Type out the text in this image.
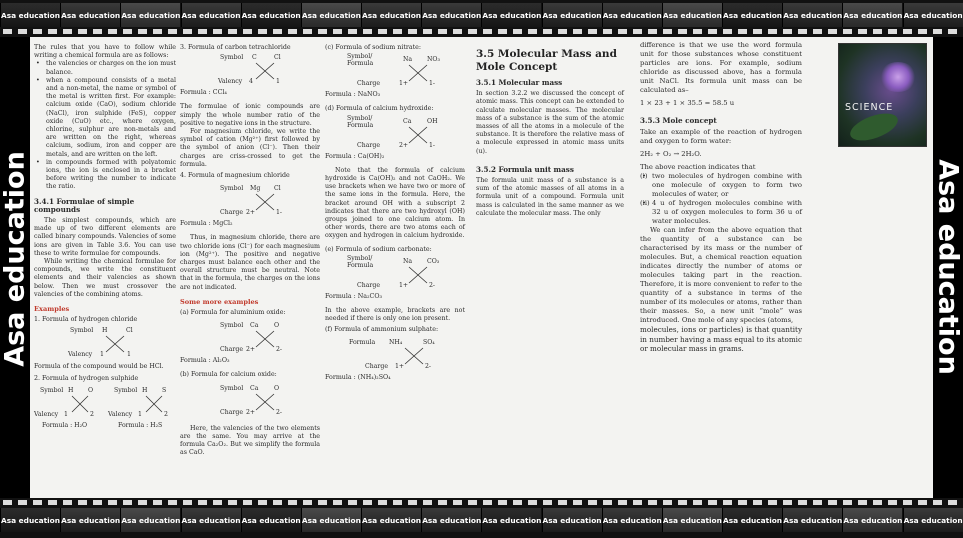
Asa education Asa education Asa education Asa education Asa education Asa education Asa education Asa education Asa education Asa education Asa education Asa education Asa education Asa education Asa education Asa education
Asa education	Asa education

The rules that you have to follow while writing a chemical formula are as follows:

• the valencies or charges on the ion must balance.
• when a compound consists of a metal and a non-metal, the name or symbol of the metal is written first. For example: calcium oxide (CaO), sodium chloride (NaCl), iron sulphide (FeS), copper oxide (CuO) etc., where oxygen, chlorine, sulphur are non-metals and are written on the right, whereas calcium, sodium, iron and copper are metals, and are written on the left.
• in compounds formed with polyatomic ions, the ion is enclosed in a bracket before writing the number to indicate the ratio.
3.4.1 Formulae of simple compounds

The simplest compounds, which are made up of two different elements are called binary compounds. Valencies of some ions are given in Table 3.6. You can use these to write formulae for compounds.

While writing the chemical formulae for compounds, we write the constituent elements and their valencies as shown below. Then we must crossover the valencies of the combining atoms.

Examples

1. Formula of hydrogen chloride

Symbol H	Cl
Valency 1	1

Formula of the compound would be HCl.

2. Formula of hydrogen sulphide

Symbol H O
Valency 1	2
Formula : H₂O
Symbol H S
Valency 1	2
Formula : H₂S

3. Formula of carbon tetrachloride

Symbol C	Cl
Valency 4	1

Formula : CCl₄

The formulae of ionic compounds are simply the whole number ratio of the positive to negative ions in the structure.

For magnesium chloride, we write the symbol of cation (Mg²⁺) first followed by the symbol of anion (Cl⁻). Then their charges are criss-crossed to get the formula.

4. Formula of magnesium chloride

Symbol Mg Cl
Charge 2+	1-

Formula : MgCl₂

Thus, in magnesium chloride, there are two chloride ions (Cl⁻) for each magnesium ion (Mg²⁺). The positive and negative charges must balance each other and the overall structure must be neutral. Note that in the formula, the charges on the ions are not indicated.

Some more examples

(a) Formula for aluminium oxide:

Symbol Ca	O
Charge 2+	2-

Formula : Al₂O₃

(b) Formula for calcium oxide:

Symbol Ca	O
Charge 2+	2-

Here, the valencies of the two elements are the same. You may arrive at the formula Ca₂O₂. But we simplify the formula as CaO.

(c) Formula of sodium nitrate:

Symbol/ Formula
Na NO₃
Charge	1+	1-

Formula : NaNO₃

(d) Formula of calcium hydroxide:

Symbol/ Formula
Ca	OH
Charge	2+	1-

Formula : Ca(OH)₂

Note that the formula of calcium hydroxide is Ca(OH)₂ and not CaOH₂. We use brackets when we have two or more of the same ions in the formula. Here, the bracket around OH with a subscript 2 indicates that there are two hydroxyl (OH) groups joined to one calcium atom. In other words, there are two atoms each of oxygen and hydrogen in calcium hydroxide.

(e) Formula of sodium carbonate:

Symbol/ Formula
Na CO₃
Charge	1+	2-

Formula : Na₂CO₃

In the above example, brackets are not needed if there is only one ion present.

(f) Formula of ammonium sulphate:

Formula NH₄	SO₄
Charge 1+	2-

Formula : (NH₄)₂SO₄

3.5 Molecular Mass and Mole Concept
3.5.1 Molecular mass

In section 3.2.2 we discussed the concept of atomic mass. This concept can be extended to calculate molecular masses. The molecular mass of a substance is the sum of the atomic masses of all the atoms in a molecule of the substance. It is therefore the relative mass of a molecule expressed in atomic mass units (u).

3.5.2 Formula unit mass

The formula unit mass of a substance is a sum of the atomic masses of all atoms in a formula unit of a compound. Formula unit mass is calculated in the same manner as we calculate the molecular mass. The only

difference is that we use the word formula unit for those substances whose constituent particles are ions. For example, sodium chloride as discussed above, has a formula unit NaCl. Its formula unit mass can be calculated as–

1 × 23 + 1 × 35.5 = 58.5 u

3.5.3 Mole concept

Take an example of the reaction of hydrogen and oxygen to form water:

2H₂ + O₂ → 2H₂O.

The above reaction indicates that

• (i) two molecules of hydrogen combine with one molecule of oxygen to form two molecules of water, or
• (ii) 4 u of hydrogen molecules combine with 32 u of oxygen molecules to form 36 u of water molecules.

We can infer from the above equation that the quantity of a substance can be characterised by its mass or the number of molecules. But, a chemical reaction equation indicates directly the number of atoms or molecules taking part in the reaction. Therefore, it is more convenient to refer to the quantity of a substance in terms of the number of its molecules or atoms, rather than their masses. So, a new unit “mole” was introduced. One mole of any species (atoms,

molecules, ions or particles) is that quantity in number having a mass equal to its atomic or molecular mass in grams.

SCIENCE
Asa education Asa education Asa education Asa education Asa education Asa education Asa education Asa education Asa education Asa education Asa education Asa education Asa education Asa education Asa education Asa education
